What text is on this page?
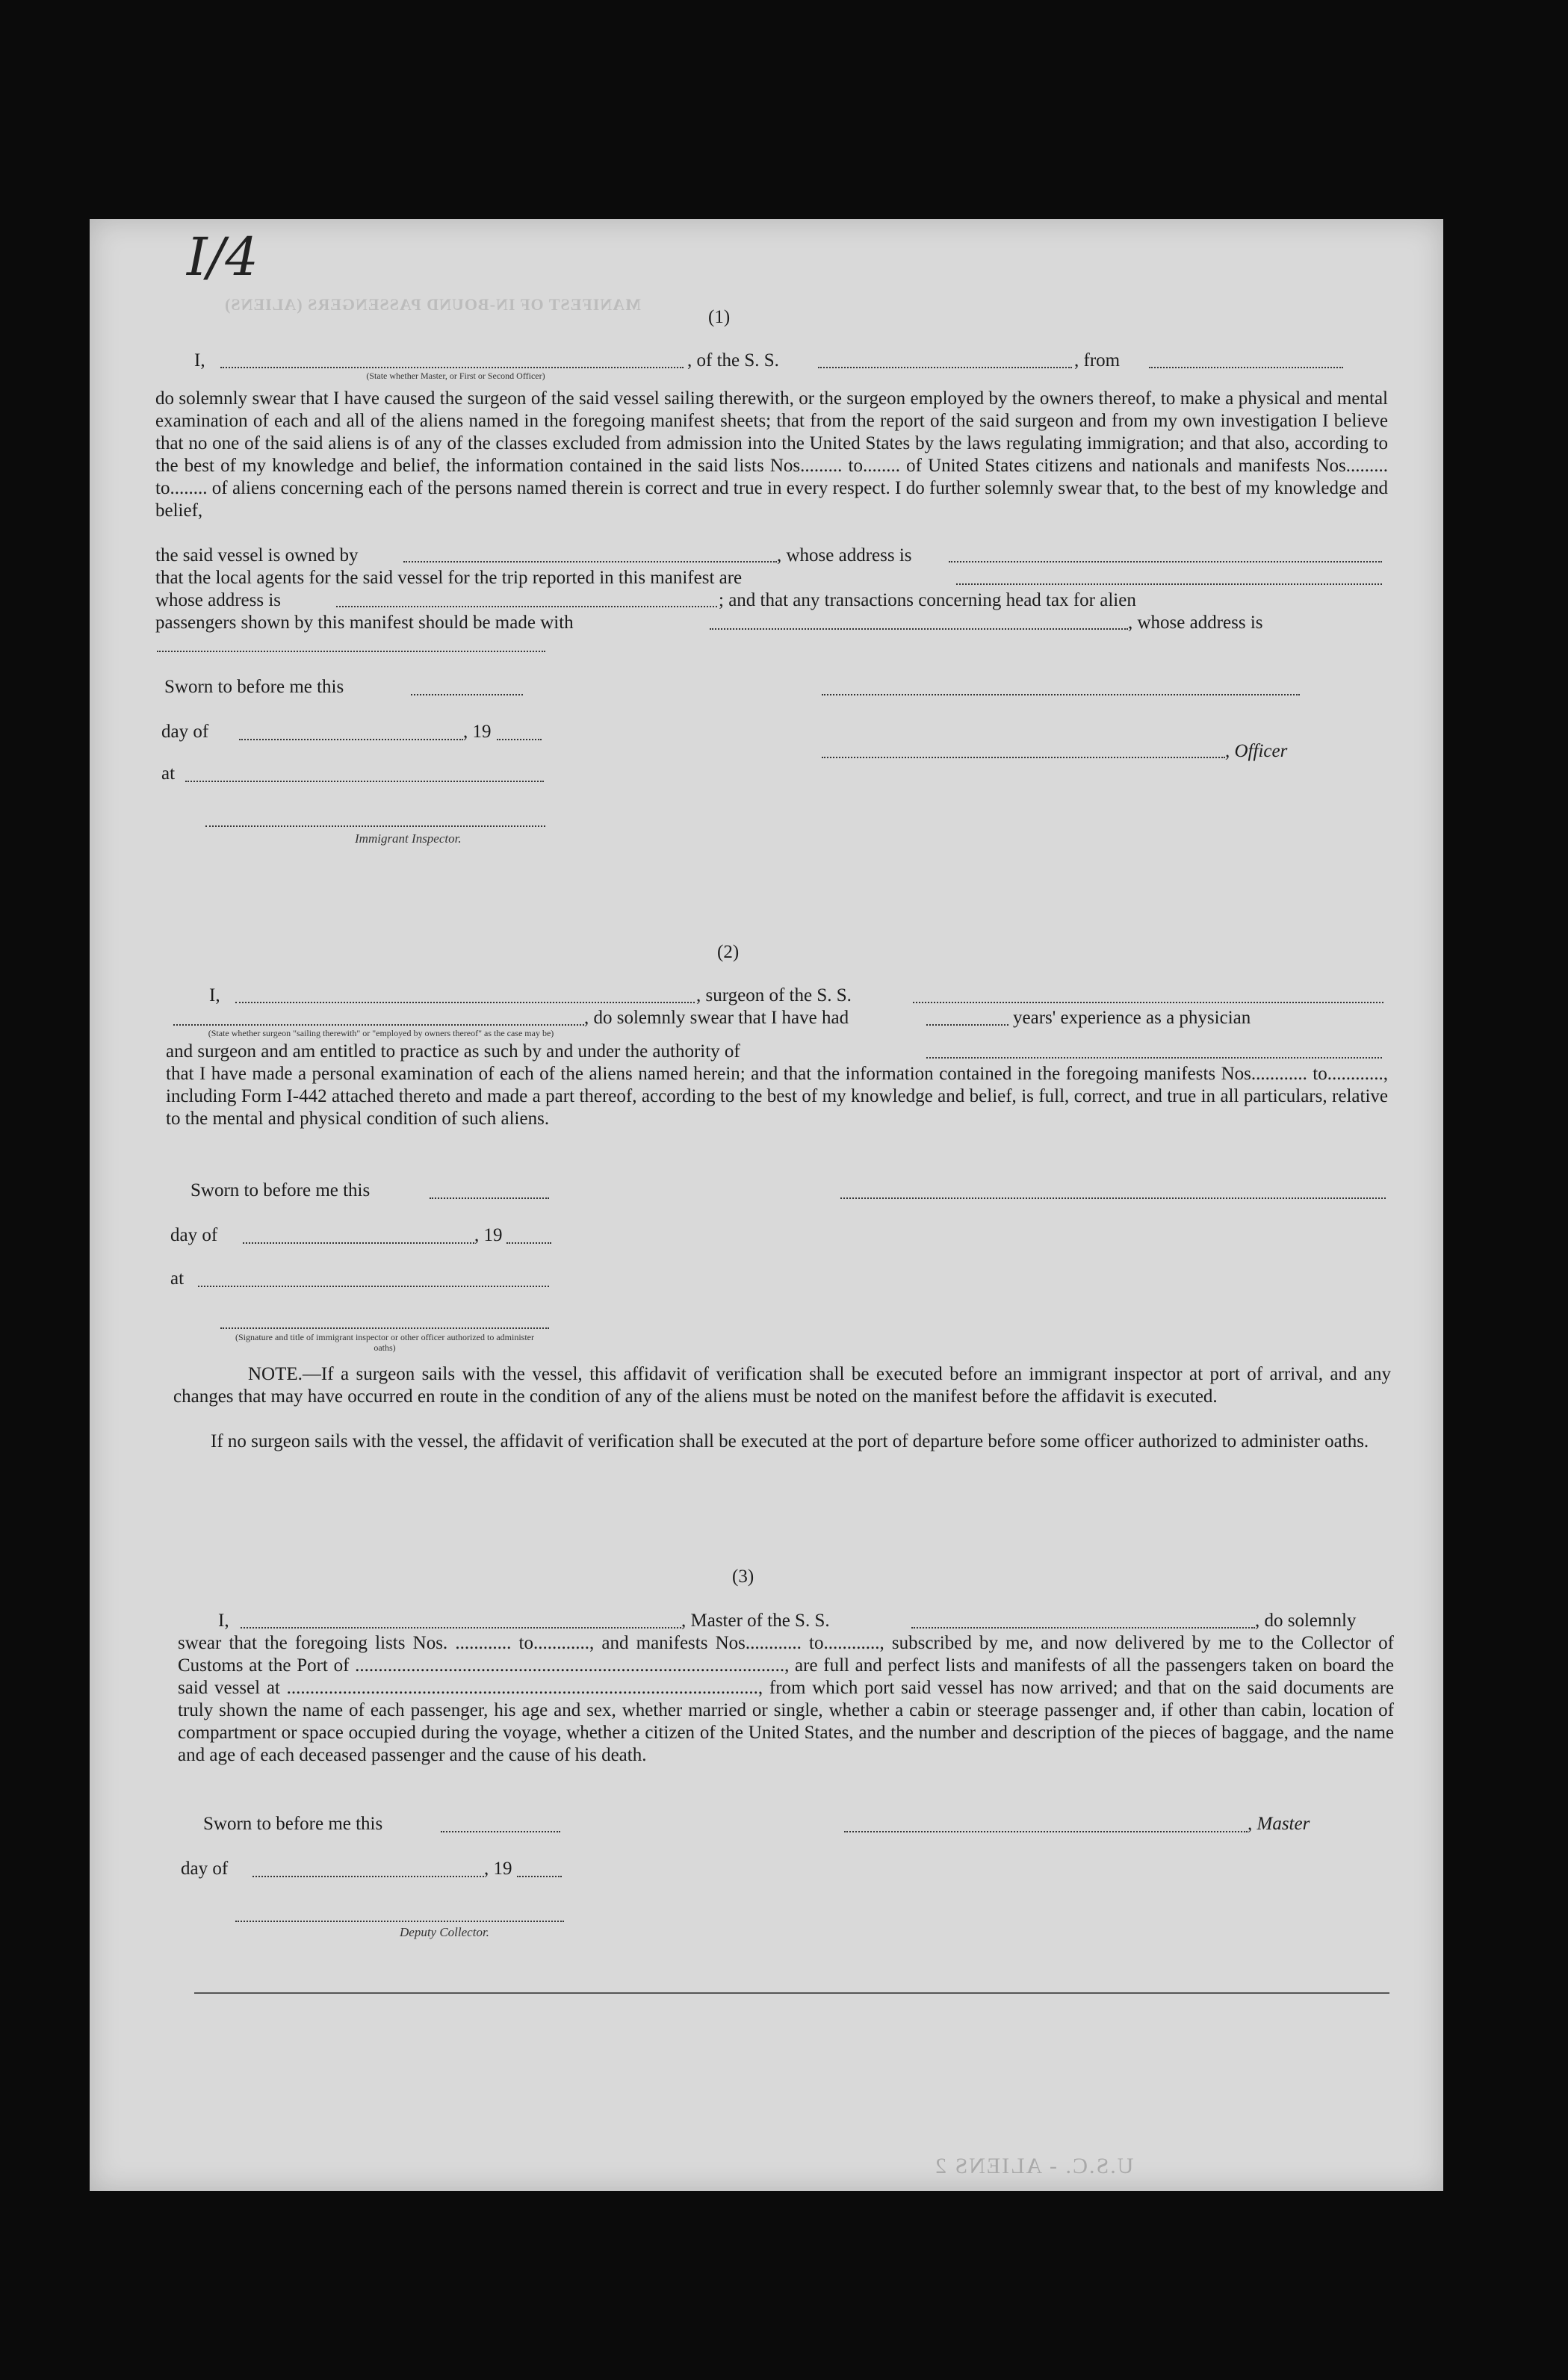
I/4
MANIFEST OF IN-BOUND PASSENGERS (ALIENS)
(1)
I,
(State whether Master, or First or Second Officer)
, of the S. S.	, from
do solemnly swear that I have caused the surgeon of the said vessel sailing therewith, or the surgeon employed by the owners thereof, to make a physical and mental examination of each and all of the aliens named in the foregoing manifest sheets; that from the report of the said surgeon and from my own investigation I believe that no one of the said aliens is of any of the classes excluded from admission into the United States by the laws regulating immigration; and that also, according to the best of my knowledge and belief, the information contained in the said lists Nos......... to........ of United States citizens and nationals and manifests Nos......... to........ of aliens concerning each of the persons named therein is correct and true in every respect. I do further solemnly swear that, to the best of my knowledge and belief,
the said vessel is owned by	, whose address is
that the local agents for the said vessel for the trip reported in this manifest are
whose address is	; and that any transactions concerning head tax for alien
passengers shown by this manifest should be made with	, whose address is
Sworn to before me this
day of	, 19
, Officer
at
Immigrant Inspector.
(2)
I,	, surgeon of the S. S.
(State whether surgeon "sailing therewith" or "employed by owners thereof" as the case may be)
, do solemnly swear that I have had	years' experience as a physician
and surgeon and am entitled to practice as such by and under the authority of
that I have made a personal examination of each of the aliens named herein; and that the information contained in the foregoing manifests Nos............ to............, including Form I-442 attached thereto and made a part thereof, according to the best of my knowledge and belief, is full, correct, and true in all particulars, relative to the mental and physical condition of such aliens.
Sworn to before me this
day of	, 19
at
(Signature and title of immigrant inspector or other officer authorized to administer oaths)
NOTE.—If a surgeon sails with the vessel, this affidavit of verification shall be executed before an immigrant inspector at port of arrival, and any changes that may have occurred en route in the condition of any of the aliens must be noted on the manifest before the affidavit is executed.
If no surgeon sails with the vessel, the affidavit of verification shall be executed at the port of departure before some officer authorized to administer oaths.
(3)
I,	, Master of the S. S.	, do solemnly
swear that the foregoing lists Nos. ............ to............, and manifests Nos............ to............, subscribed by me, and now delivered by me to the Collector of Customs at the Port of ............................................................................................, are full and perfect lists and manifests of all the passengers taken on board the said vessel at ....................................................................................................., from which port said vessel has now arrived; and that on the said documents are truly shown the name of each passenger, his age and sex, whether married or single, whether a cabin or steerage passenger and, if other than cabin, location of compartment or space occupied during the voyage, whether a citizen of the United States, and the number and description of the pieces of baggage, and the name and age of each deceased passenger and the cause of his death.
Sworn to before me this	, Master
day of	, 19
Deputy Collector.
U.S.C. - ALIENS 2
